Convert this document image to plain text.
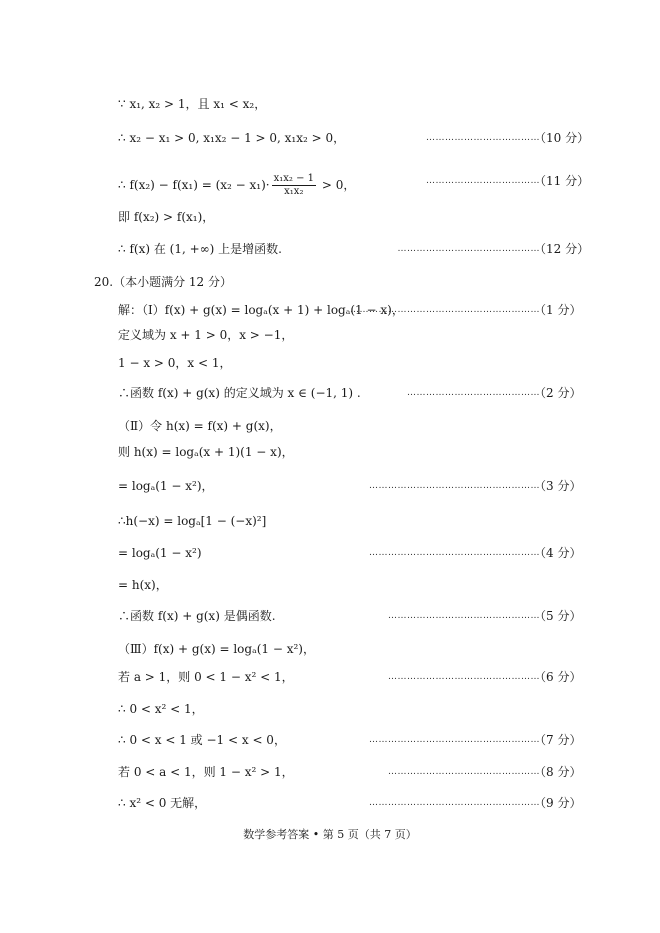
∵ x₁, x₂ > 1，且 x₁ < x₂，
∴ x₂ − x₁ > 0, x₁x₂ − 1 > 0, x₁x₂ > 0，	………………………………
（10 分）
∴ $f(x_2) - f(x_1) = (x_2 - x_1)\cdot \frac{\text{x₁x₂ − 1}}{\text{x₁x₂}} > 0$，	………………………………
（11 分）
即 f(x₂) > f(x₁)，
∴ f(x) 在 (1, +∞) 上是增函数.	………………………………………
（12 分）
20.（本小题满分 12 分）
解：（Ⅰ）f(x) + g(x) = logₐ(x + 1) + logₐ(1 − x)，
……………………………………………………
（1 分）
定义域为 x + 1 > 0，x > −1，
1 − x > 0，x < 1，
∴函数 f(x) + g(x) 的定义域为 x ∈ (−1, 1) .	……………………………………
（2 分）
（Ⅱ）令 h(x) = f(x) + g(x)，
则 h(x) = logₐ(x + 1)(1 − x)，
= logₐ(1 − x²)，	………………………………………………
（3 分）
∴h(−x) = logₐ[1 − (−x)²]
= logₐ(1 − x²)	………………………………………………
（4 分）
= h(x)，
∴函数 f(x) + g(x) 是偶函数.	…………………………………………
（5 分）
（Ⅲ）f(x) + g(x) = logₐ(1 − x²)，
若 a > 1，则 0 < 1 − x² < 1，	…………………………………………
（6 分）
∴ 0 < x² < 1，
∴ 0 < x < 1 或 −1 < x < 0，	………………………………………………
（7 分）
若 0 < a < 1，则 1 − x² > 1，	…………………………………………
（8 分）
∴ x² < 0 无解，	………………………………………………
（9 分）
数学参考答案 • 第 5 页（共 7 页）
